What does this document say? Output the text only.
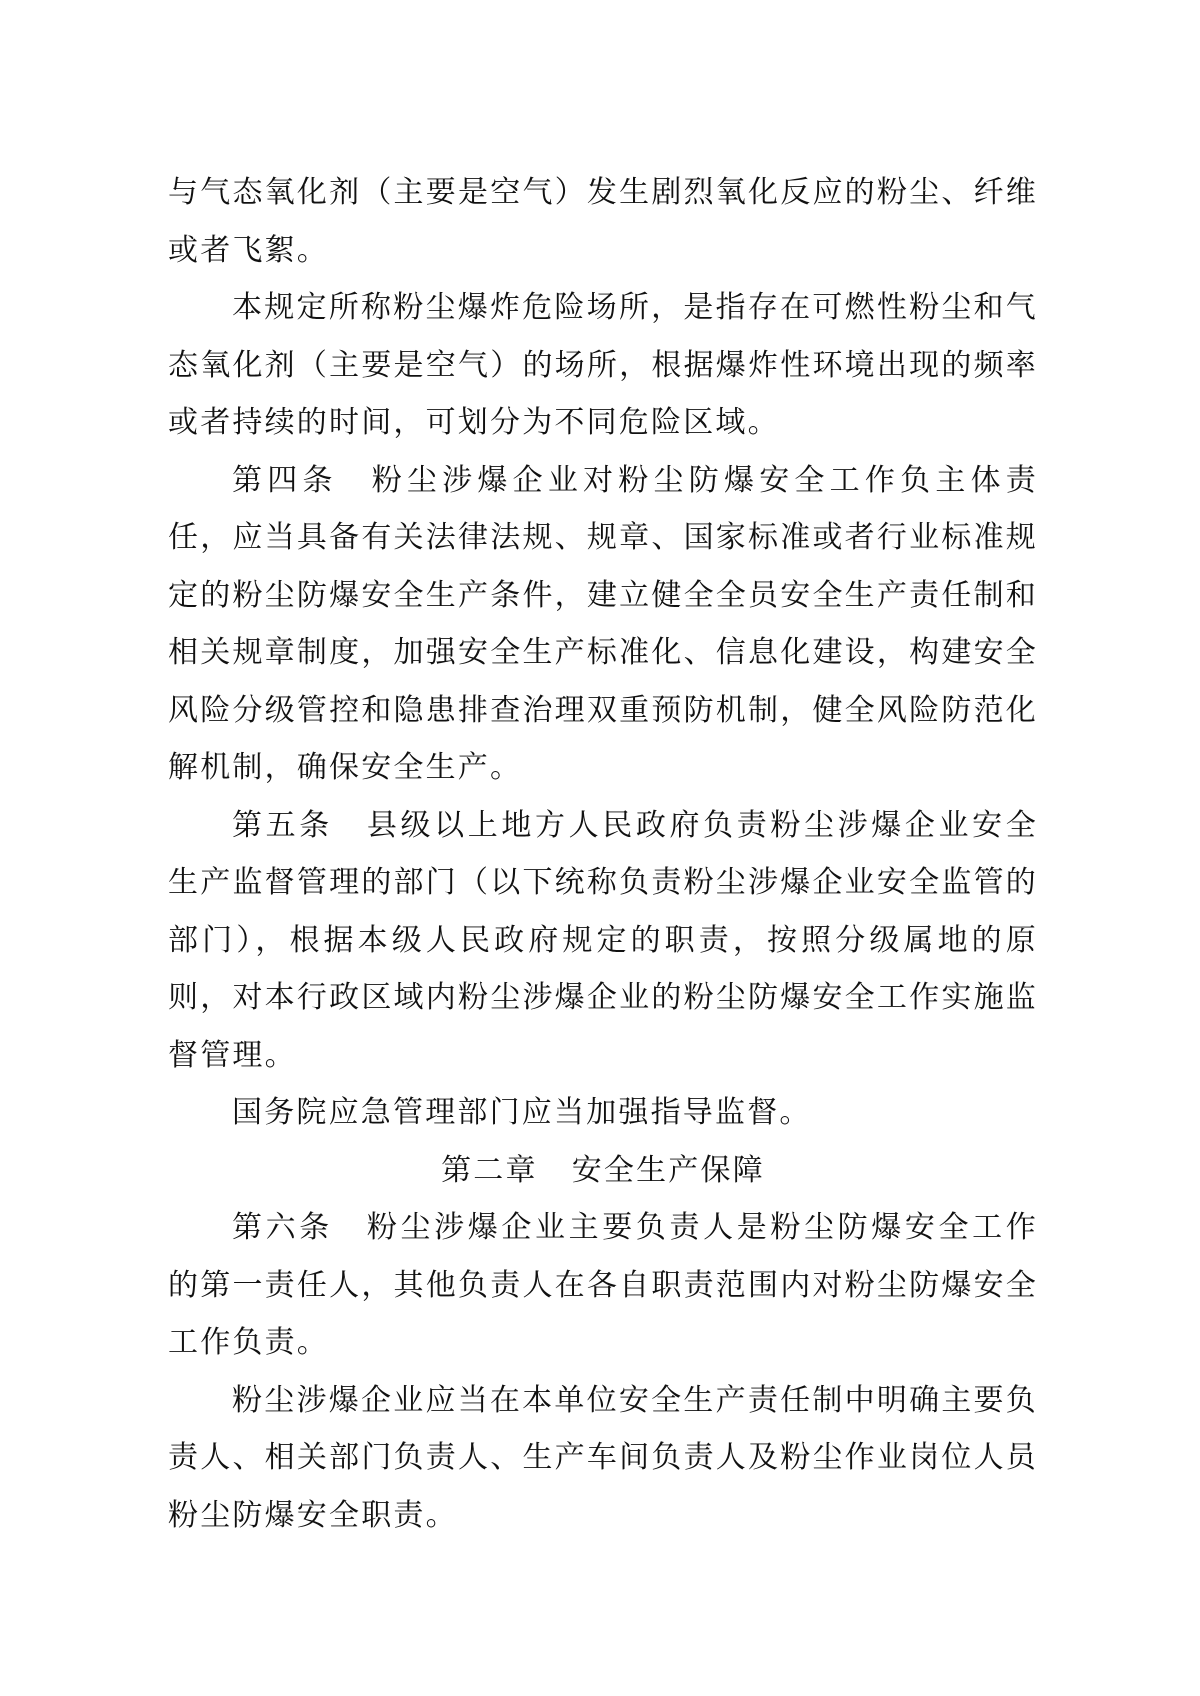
与气态氧化剂（主要是空气）发生剧烈氧化反应的粉尘、纤维或者飞絮。

本规定所称粉尘爆炸危险场所，是指存在可燃性粉尘和气态氧化剂（主要是空气）的场所，根据爆炸性环境出现的频率或者持续的时间，可划分为不同危险区域。

第四条 粉尘涉爆企业对粉尘防爆安全工作负主体责任，应当具备有关法律法规、规章、国家标准或者行业标准规定的粉尘防爆安全生产条件，建立健全全员安全生产责任制和相关规章制度，加强安全生产标准化、信息化建设，构建安全风险分级管控和隐患排查治理双重预防机制，健全风险防范化解机制，确保安全生产。

第五条 县级以上地方人民政府负责粉尘涉爆企业安全生产监督管理的部门（以下统称负责粉尘涉爆企业安全监管的部门），根据本级人民政府规定的职责，按照分级属地的原则，对本行政区域内粉尘涉爆企业的粉尘防爆安全工作实施监督管理。

国务院应急管理部门应当加强指导监督。

第二章 安全生产保障

第六条 粉尘涉爆企业主要负责人是粉尘防爆安全工作的第一责任人，其他负责人在各自职责范围内对粉尘防爆安全工作负责。

粉尘涉爆企业应当在本单位安全生产责任制中明确主要负责人、相关部门负责人、生产车间负责人及粉尘作业岗位人员粉尘防爆安全职责。
